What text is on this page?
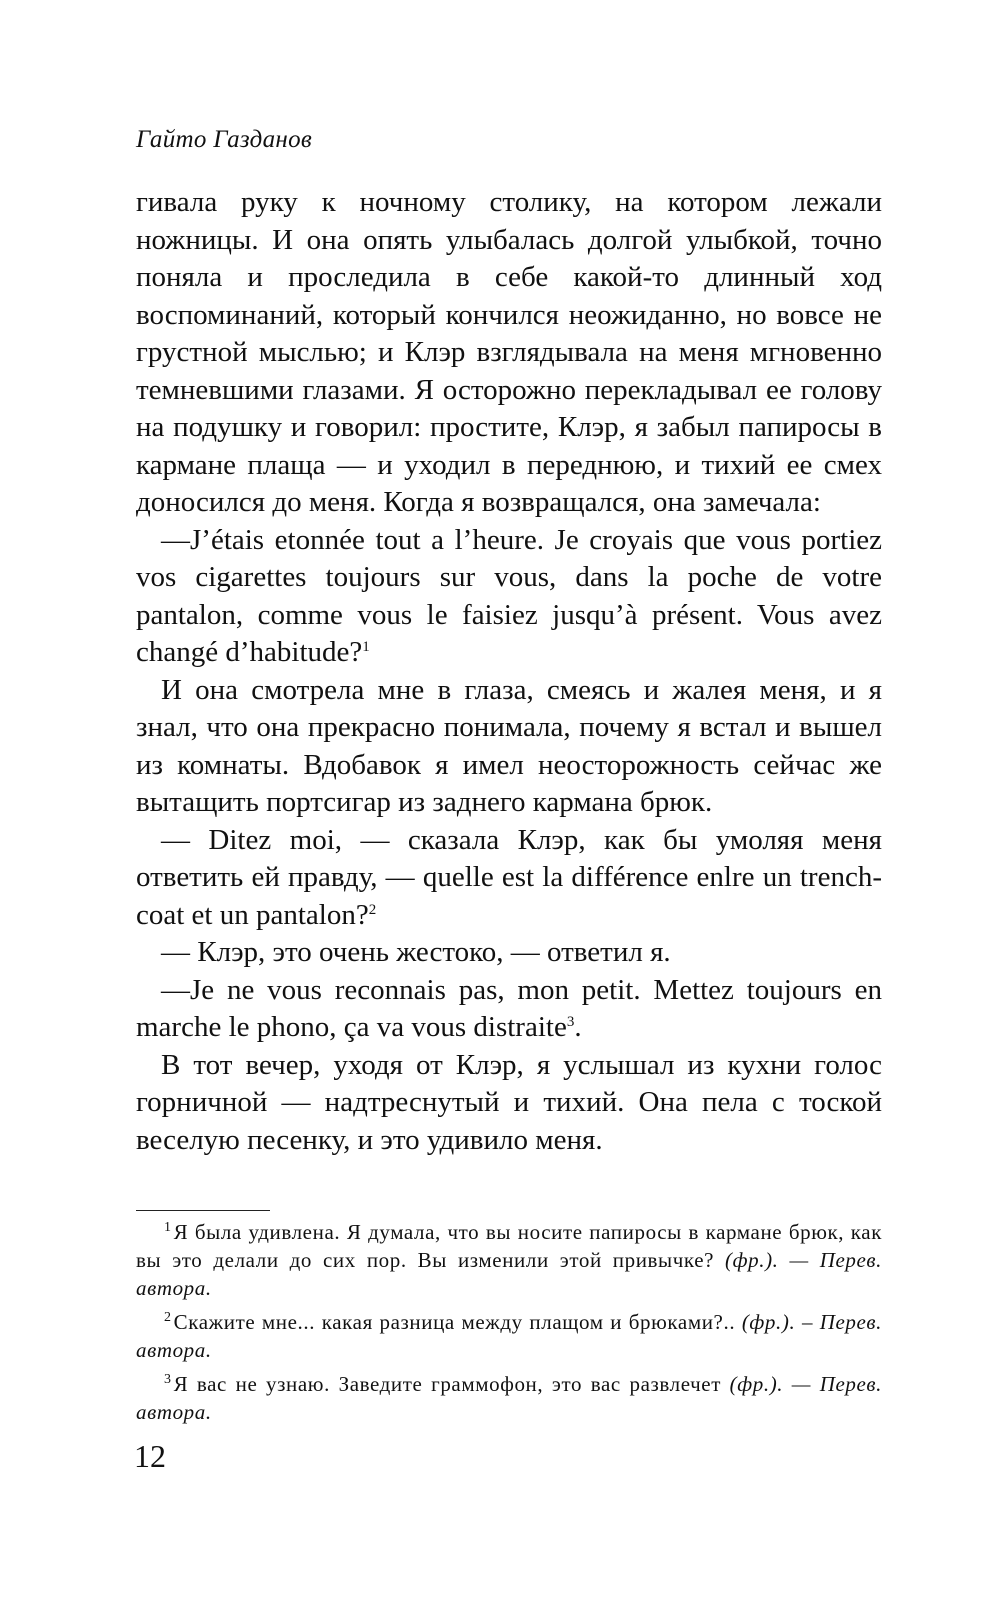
Гайто Газданов

гивала руку к ночному столику, на котором лежали ножницы. И она опять улыбалась долгой улыбкой, точно поняла и проследила в себе какой-то длинный ход воспоминаний, который кончился неожиданно, но вовсе не грустной мыслью; и Клэр взглядывала на меня мгновенно темневшими глазами. Я осторожно перекладывал ее голову на подушку и говорил: простите, Клэр, я забыл папиросы в кармане плаща — и уходил в переднюю, и тихий ее смех доносился до меня. Когда я возвращался, она замечала:

—J’étais etonnée tout a l’heure. Je croyais que vous portiez vos cigarettes toujours sur vous, dans la poche de votre pantalon, comme vous le faisiez jusqu’à présent. Vous avez changé d’habitude?$^1$

И она смотрела мне в глаза, смеясь и жалея меня, и я знал, что она прекрасно понимала, почему я встал и вышел из комнаты. Вдобавок я имел неосторожность сейчас же вытащить портсигар из заднего кармана брюк.

— Ditez moi, — сказала Клэр, как бы умоляя меня ответить ей правду, — quelle est la différence enlre un trench-coat et un pantalon?$^2$

— Клэр, это очень жестоко, — ответил я.

—Je ne vous reconnais pas, mon petit. Mettez toujours en marche le phono, ça va vous distraite$^3$.

В тот вечер, уходя от Клэр, я услышал из кухни голос горничной — надтреснутый и тихий. Она пела с тоской веселую песенку, и это удивило меня.

$^1$Я была удивлена. Я думала, что вы носите папиросы в кармане брюк, как вы это делали до сих пор. Вы изменили этой привычке? (фр.). — Перев. автора.

$^2$Скажите мне... какая разница между плащом и брюками?.. (фр.). – Перев. автора.

$^3$Я вас не узнаю. Заведите граммофон, это вас развлечет (фр.). — Перев. автора.

12
